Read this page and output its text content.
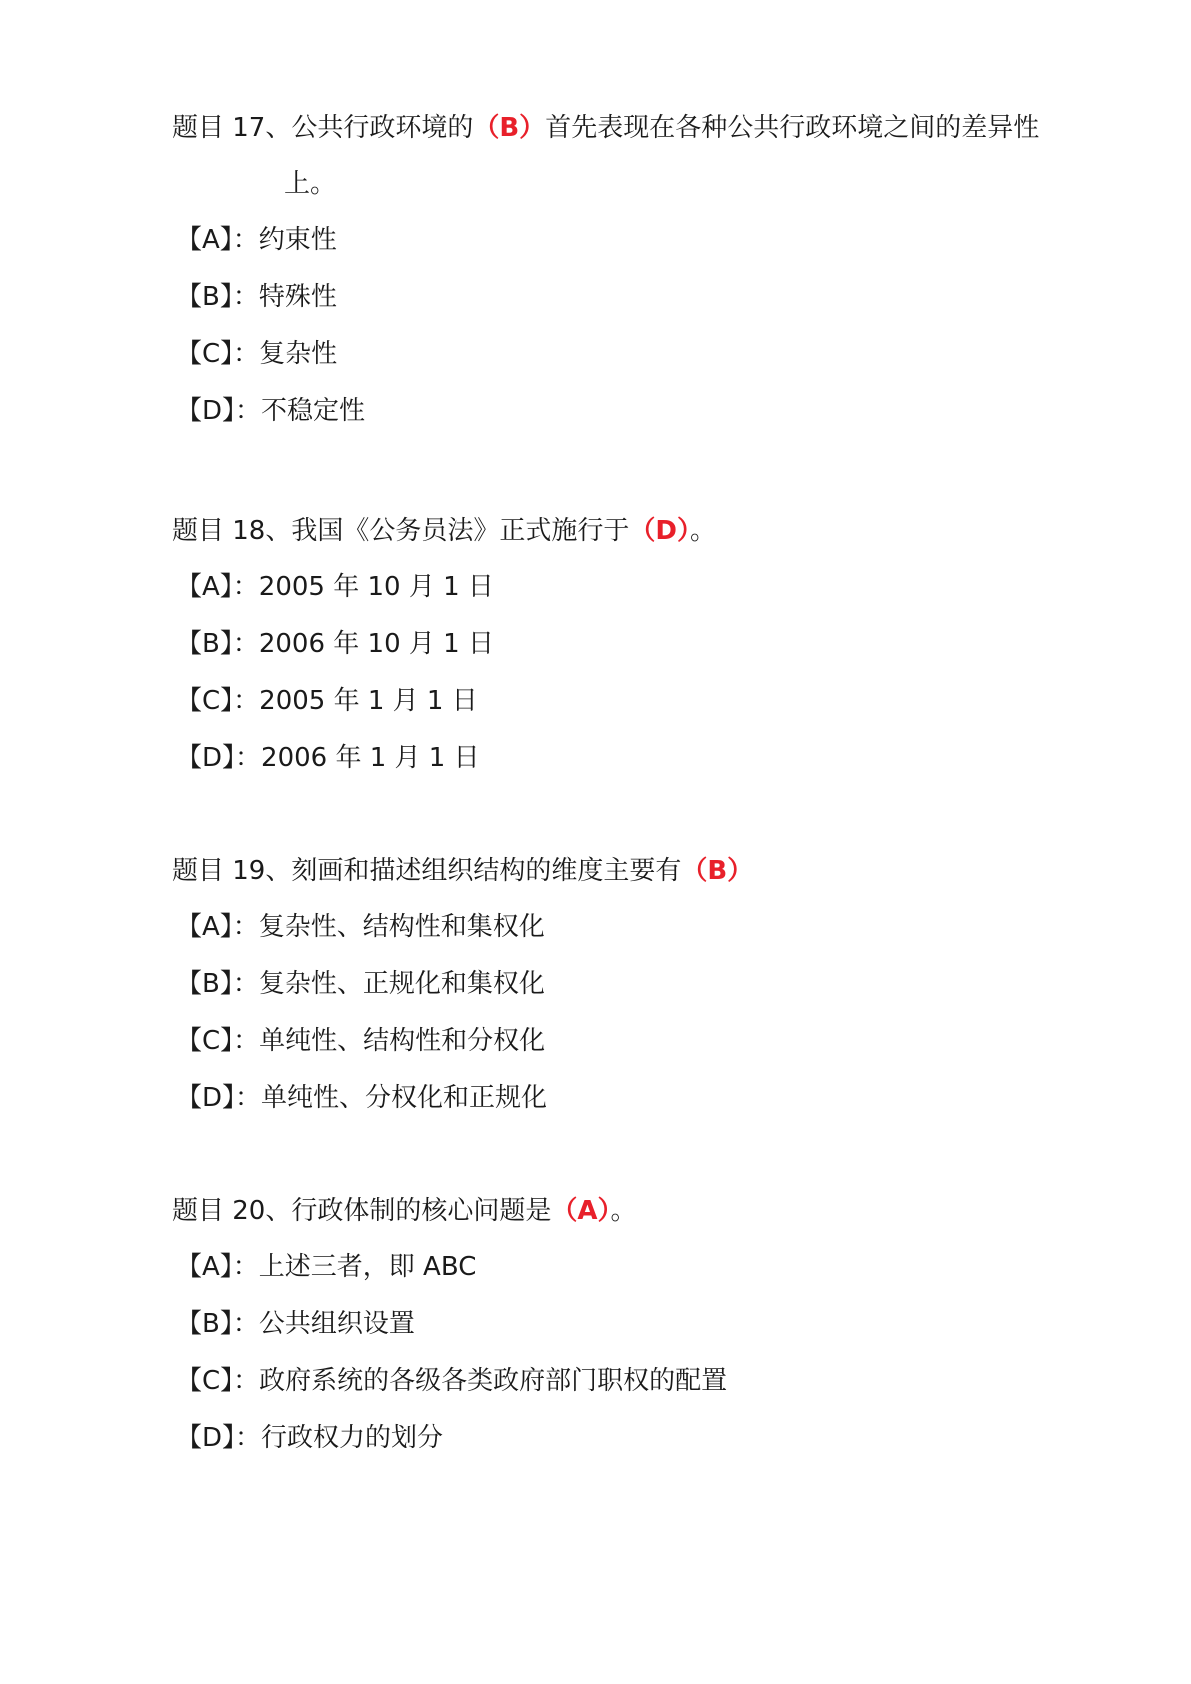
题目 17、公共行政环境的（B）首先表现在各种公共行政环境之间的差异性
上。
【A】：约束性
【B】：特殊性
【C】：复杂性
【D】：不稳定性
题目 18、我国《公务员法》正式施行于（D）。
【A】：2005 年 10 月 1 日
【B】：2006 年 10 月 1 日
【C】：2005 年 1 月 1 日
【D】：2006 年 1 月 1 日
题目 19、刻画和描述组织结构的维度主要有（B）
【A】：复杂性、结构性和集权化
【B】：复杂性、正规化和集权化
【C】：单纯性、结构性和分权化
【D】：单纯性、分权化和正规化
题目 20、行政体制的核心问题是（A）。
【A】：上述三者，即 ABC
【B】：公共组织设置
【C】：政府系统的各级各类政府部门职权的配置
【D】：行政权力的划分
